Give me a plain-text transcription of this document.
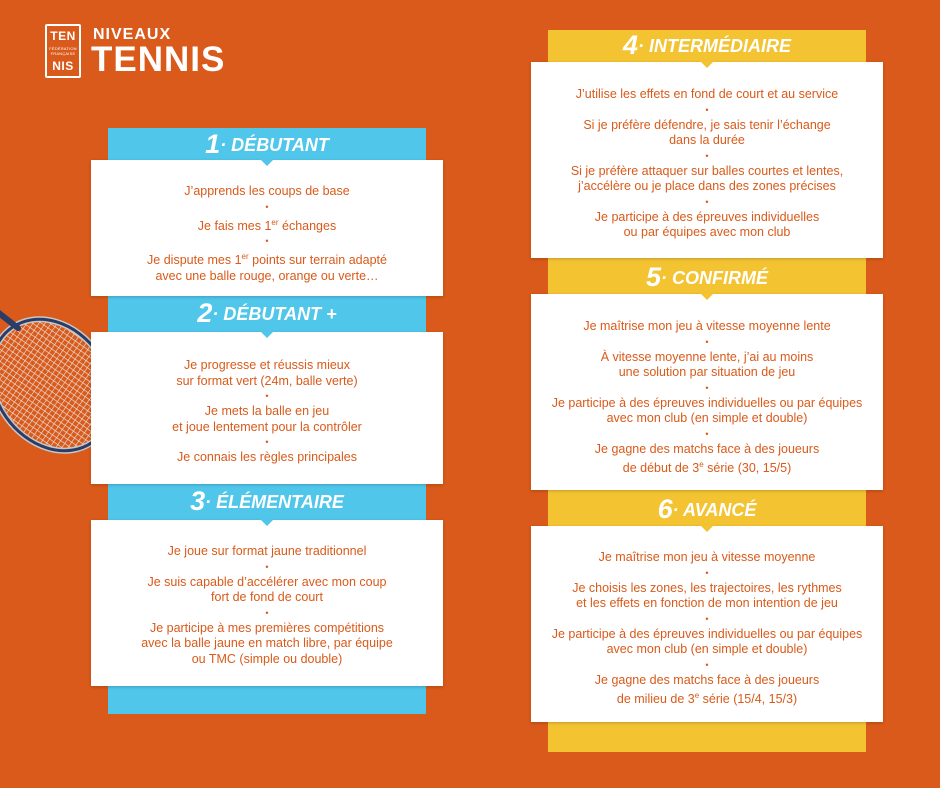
TEN
FÉDÉRATION FRANÇAISE
NIS
NIVEAUX
TENNIS
1· DÉBUTANT
J’apprends les coups de base
•
Je fais mes 1er échanges
•
Je dispute mes 1er points sur terrain adapté
avec une balle rouge, orange ou verte…
2· DÉBUTANT +
Je progresse et réussis mieux
sur format vert (24m, balle verte)
•
Je mets la balle en jeu
et joue lentement pour la contrôler
•
Je connais les règles principales
3· ÉLÉMENTAIRE
Je joue sur format jaune traditionnel
•
Je suis capable d’accélérer avec mon coup
fort de fond de court
•
Je participe à mes premières compétitions
avec la balle jaune en match libre, par équipe
ou TMC (simple ou double)
4· INTERMÉDIAIRE
J’utilise les effets en fond de court et au service
•
Si je préfère défendre, je sais tenir l’échange
dans la durée
•
Si je préfère attaquer sur balles courtes et lentes,
j’accélère ou je place dans des zones précises
•
Je participe à des épreuves individuelles
ou par équipes avec mon club
5· CONFIRMÉ
Je maîtrise mon jeu à vitesse moyenne lente
•
À vitesse moyenne lente, j’ai au moins
une solution par situation de jeu
•
Je participe à des épreuves individuelles ou par équipes
avec mon club (en simple et double)
•
Je gagne des matchs face à des joueurs
de début de 3e série (30, 15/5)
6· AVANCÉ
Je maîtrise mon jeu à vitesse moyenne
•
Je choisis les zones, les trajectoires, les rythmes
et les effets en fonction de mon intention de jeu
•
Je participe à des épreuves individuelles ou par équipes
avec mon club (en simple et double)
•
Je gagne des matchs face à des joueurs
de milieu de 3e série (15/4, 15/3)
